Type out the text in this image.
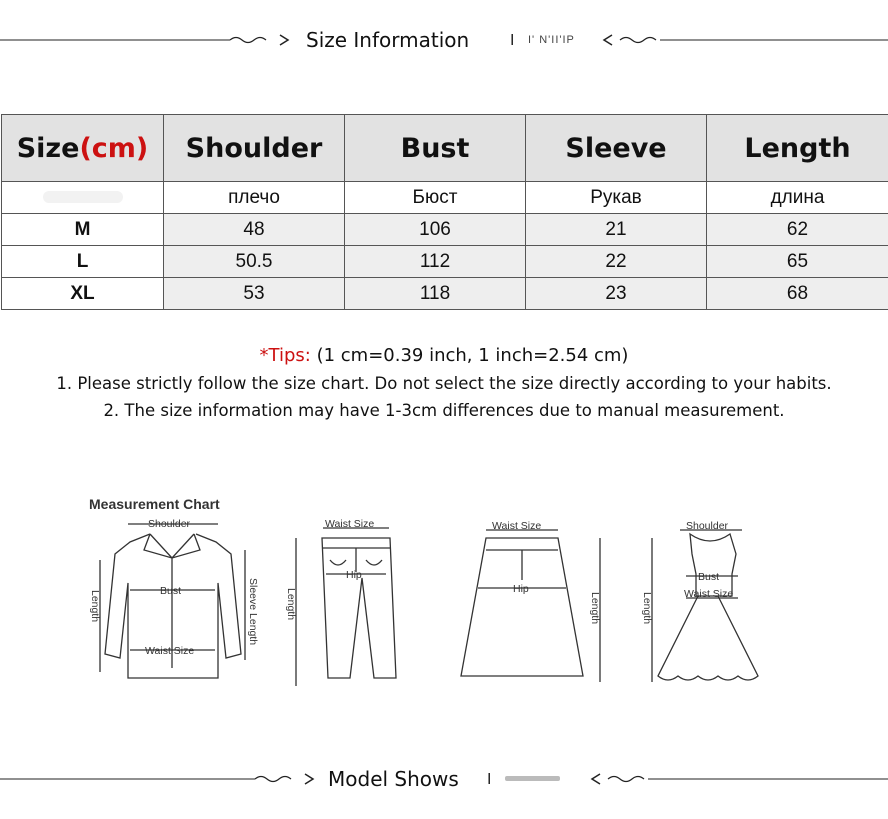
Size Information	I I' N'II'IP
Size(cm)	Shoulder	Bust	Sleeve	Length
	плечо	Бюст	Рукав	длина
M	48	106	21	62
L	50.5	112	22	65
XL	53	118	23	68
*Tips: (1 cm=0.39 inch, 1 inch=2.54 cm)
1. Please strictly follow the size chart. Do not select the size directly according to your habits.
2. The size information may have 1-3cm differences due to manual measurement.
Measurement Chart
Shoulder
Bust
Waist Size
Sleeve Length
Length
Waist Size
Hip
Length
Waist Size
Hip
Length
Shoulder
Bust
Waist Size
Length
Model Shows	I
